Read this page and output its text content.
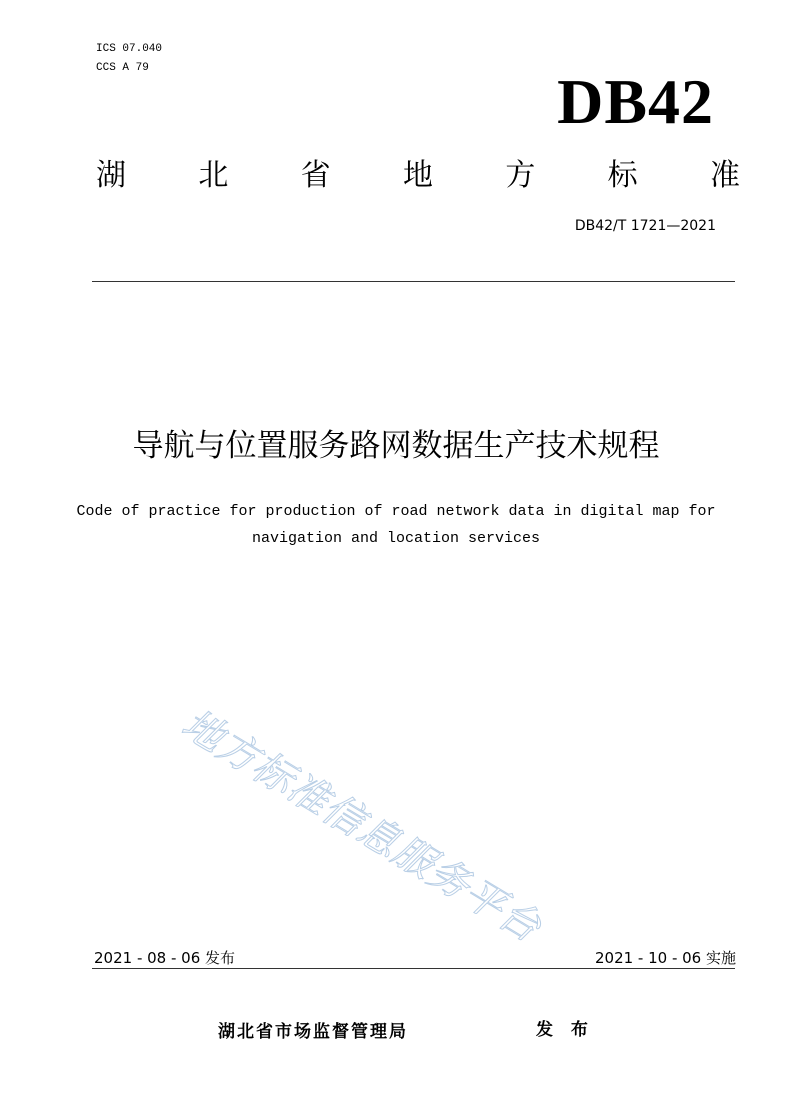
ICS 07.040
CCS A 79	DB42
湖 北 省 地 方 标 准
DB42/T 1721—2021
导航与位置服务路网数据生产技术规程
Code of practice for production of road network data in digital map for
navigation and location services
地方标准信息服务平台
2021 - 08 - 06 发布	2021 - 10 - 06 实施
湖北省市场监督管理局	发 布
